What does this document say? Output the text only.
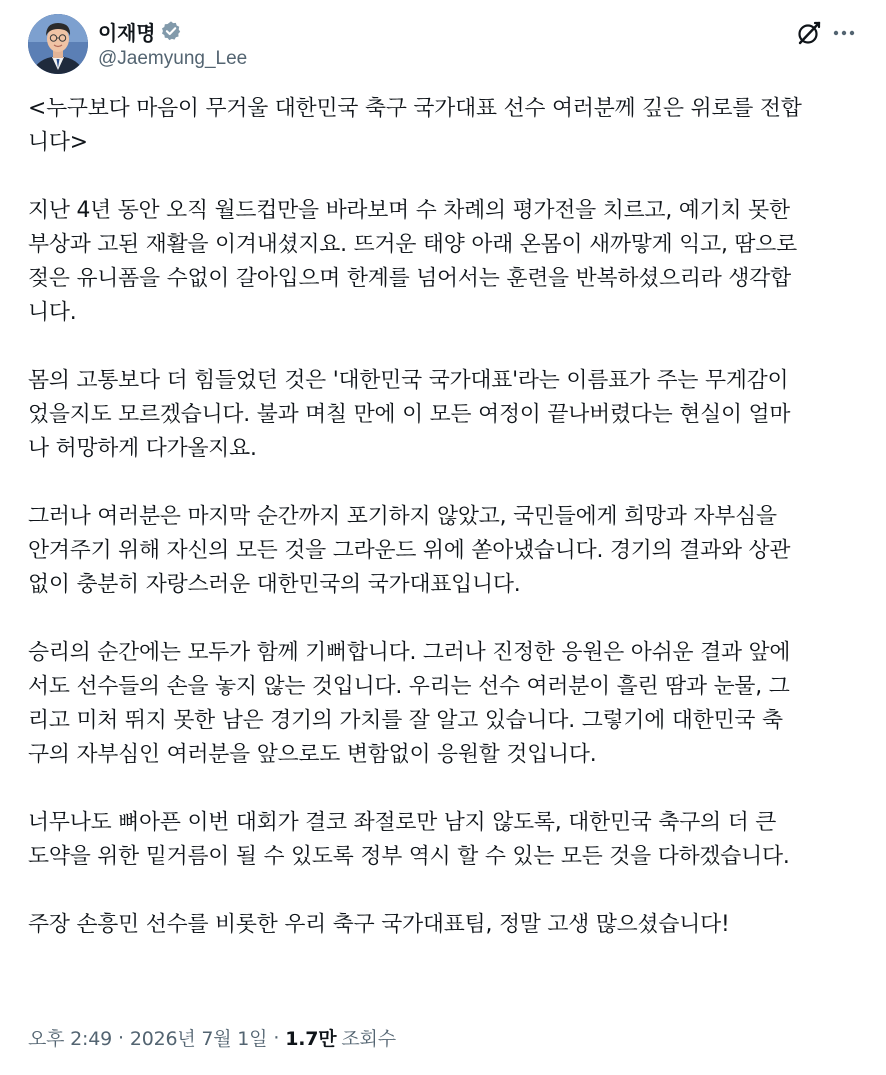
이재명
@Jaemyung_Lee

<누구보다 마음이 무거울 대한민국 축구 국가대표 선수 여러분께 깊은 위로를 전합
니다>

지난 4년 동안 오직 월드컵만을 바라보며 수 차례의 평가전을 치르고, 예기치 못한
부상과 고된 재활을 이겨내셨지요. 뜨거운 태양 아래 온몸이 새까맣게 익고, 땀으로
젖은 유니폼을 수없이 갈아입으며 한계를 넘어서는 훈련을 반복하셨으리라 생각합
니다.

몸의 고통보다 더 힘들었던 것은 '대한민국 국가대표'라는 이름표가 주는 무게감이
었을지도 모르겠습니다. 불과 며칠 만에 이 모든 여정이 끝나버렸다는 현실이 얼마
나 허망하게 다가올지요.

그러나 여러분은 마지막 순간까지 포기하지 않았고, 국민들에게 희망과 자부심을
안겨주기 위해 자신의 모든 것을 그라운드 위에 쏟아냈습니다. 경기의 결과와 상관
없이 충분히 자랑스러운 대한민국의 국가대표입니다.

승리의 순간에는 모두가 함께 기뻐합니다. 그러나 진정한 응원은 아쉬운 결과 앞에
서도 선수들의 손을 놓지 않는 것입니다. 우리는 선수 여러분이 흘린 땀과 눈물, 그
리고 미처 뛰지 못한 남은 경기의 가치를 잘 알고 있습니다. 그렇기에 대한민국 축
구의 자부심인 여러분을 앞으로도 변함없이 응원할 것입니다.

너무나도 뼈아픈 이번 대회가 결코 좌절로만 남지 않도록, 대한민국 축구의 더 큰
도약을 위한 밑거름이 될 수 있도록 정부 역시 할 수 있는 모든 것을 다하겠습니다.

주장 손흥민 선수를 비롯한 우리 축구 국가대표팀, 정말 고생 많으셨습니다!

오후 2:49 · 2026년 7월 1일 · 1.7만 조회수
